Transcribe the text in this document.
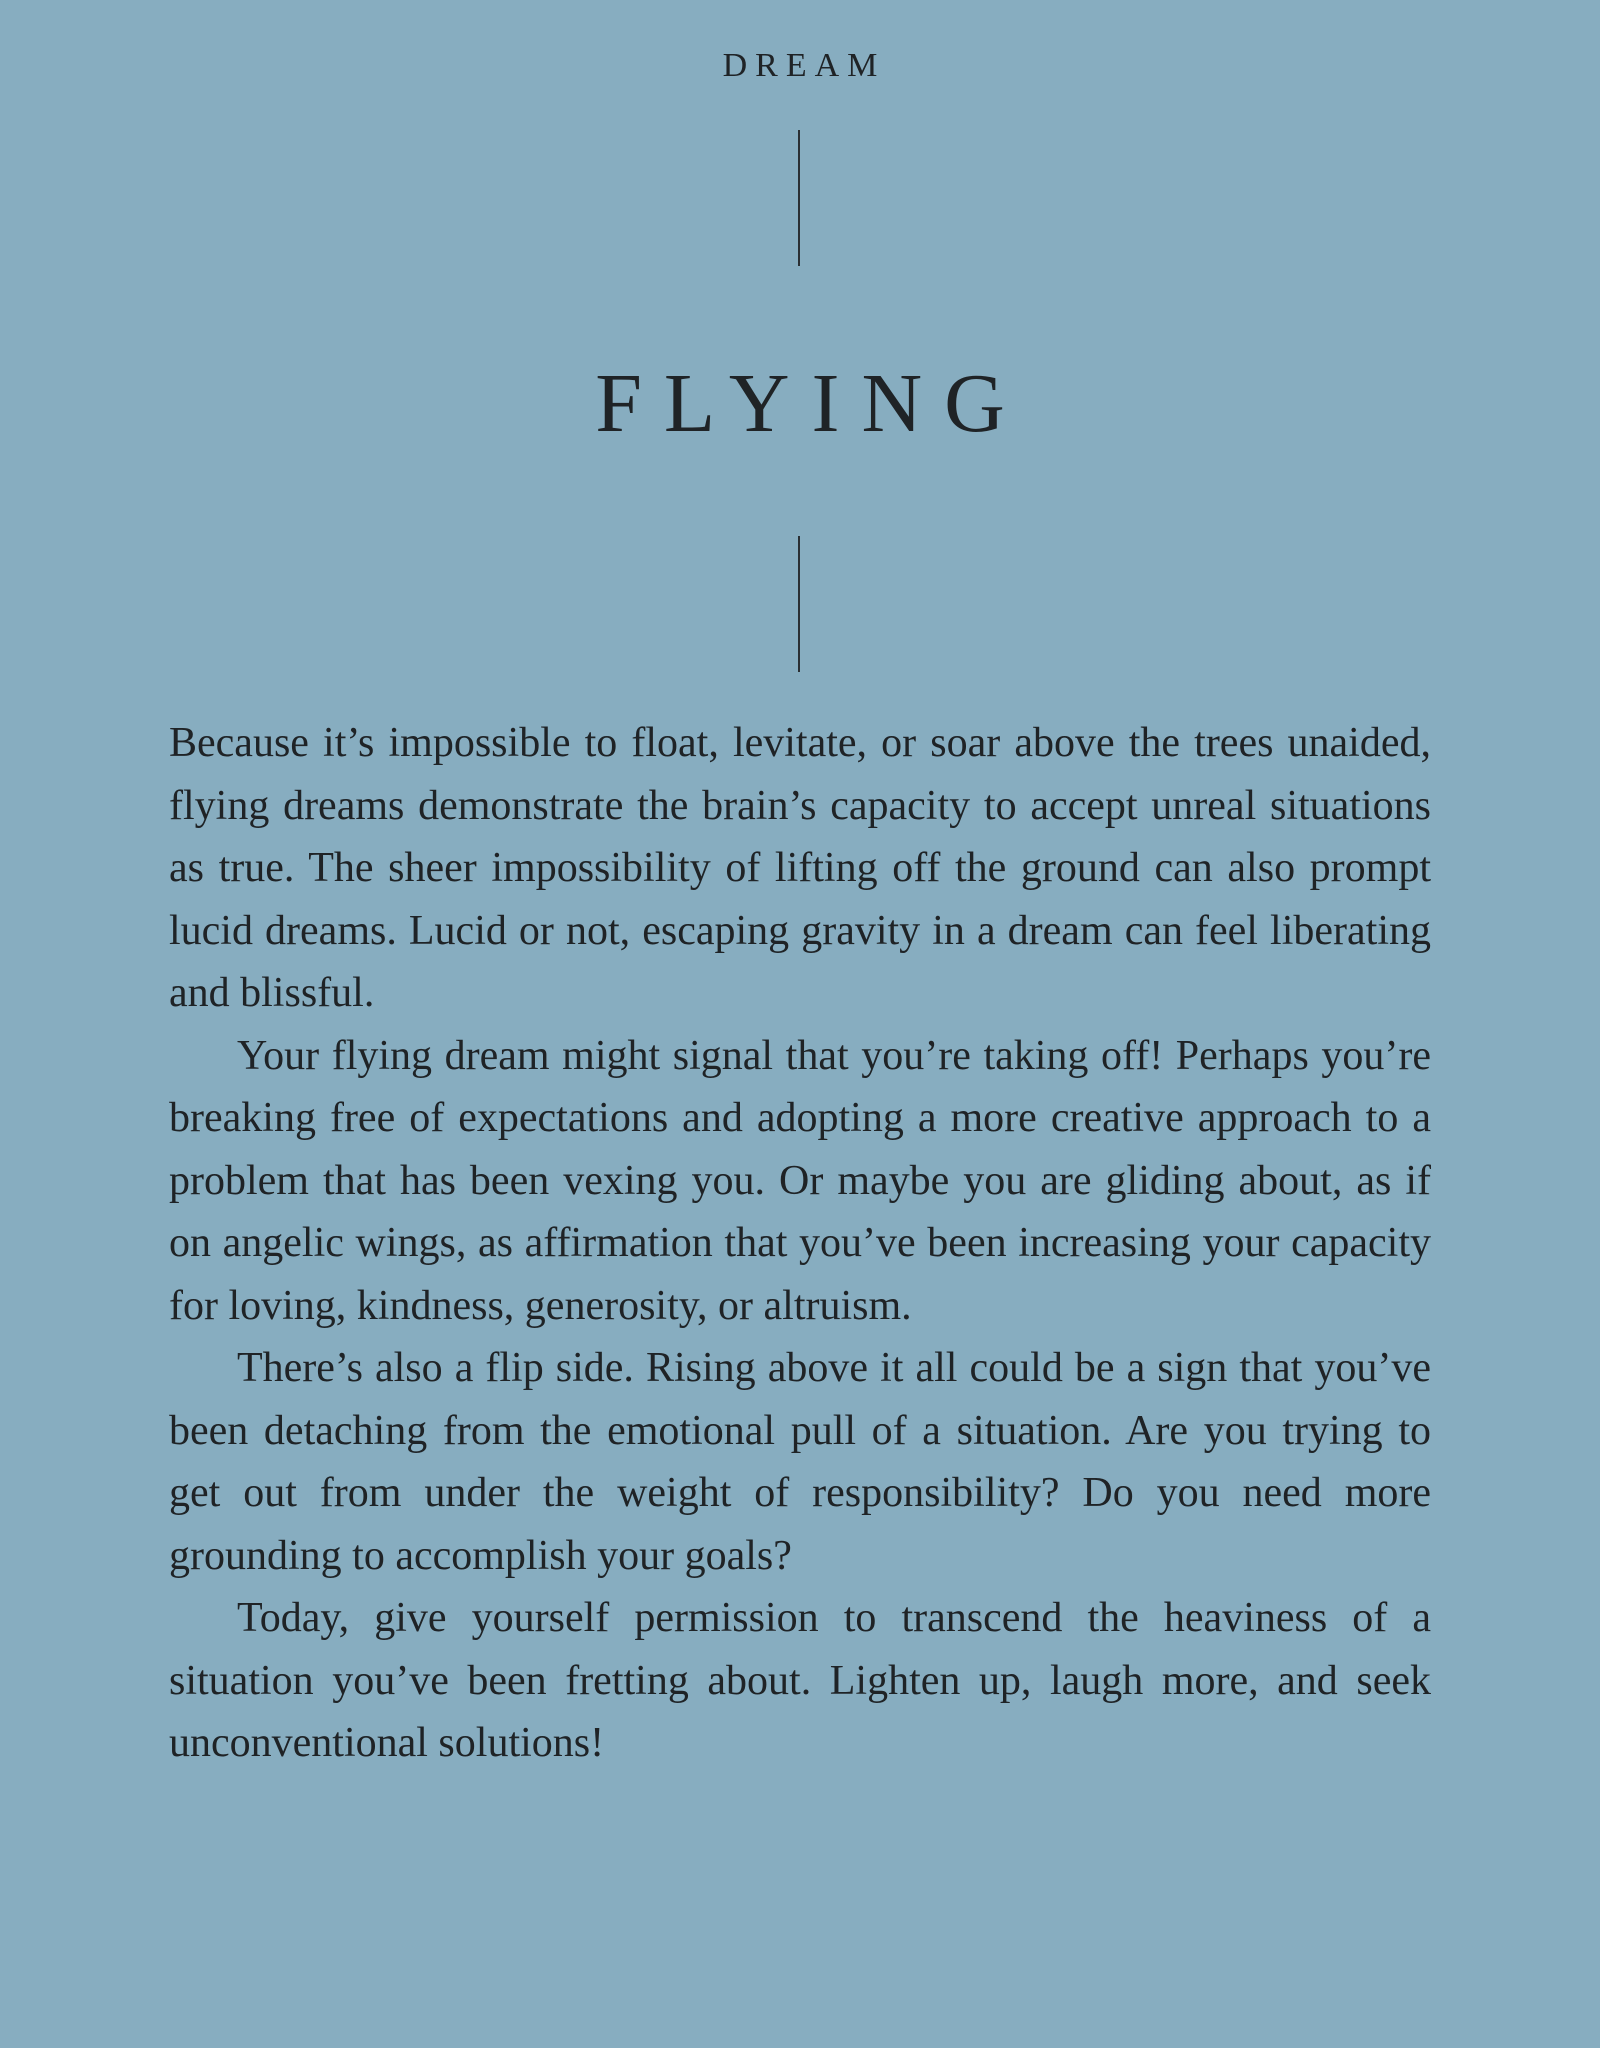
DREAM
FLYING

Because it’s impossible to float, levitate, or soar above the trees unaided, flying dreams demonstrate the brain’s capacity to accept unreal situations as true. The sheer impossibility of lifting off the ground can also prompt lucid dreams. Lucid or not, escaping gravity in a dream can feel liberating and blissful.

Your flying dream might signal that you’re taking off! Perhaps you’re breaking free of expectations and adopting a more creative approach to a problem that has been vexing you. Or maybe you are gliding about, as if on angelic wings, as affirmation that you’ve been increasing your capacity for loving, kindness, generosity, or altruism.

There’s also a flip side. Rising above it all could be a sign that you’ve been detaching from the emotional pull of a situation. Are you trying to get out from under the weight of responsibility? Do you need more grounding to accomplish your goals?

Today, give yourself permission to transcend the heaviness of a situation you’ve been fretting about. Lighten up, laugh more, and seek unconventional solutions!
